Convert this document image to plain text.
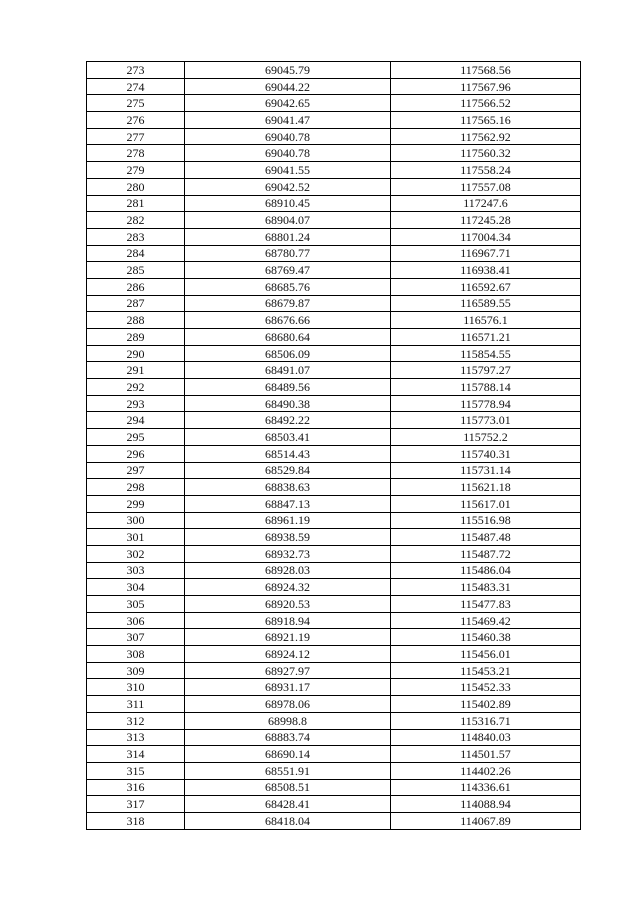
273	69045.79	117568.56
274	69044.22	117567.96
275	69042.65	117566.52
276	69041.47	117565.16
277	69040.78	117562.92
278	69040.78	117560.32
279	69041.55	117558.24
280	69042.52	117557.08
281	68910.45	117247.6
282	68904.07	117245.28
283	68801.24	117004.34
284	68780.77	116967.71
285	68769.47	116938.41
286	68685.76	116592.67
287	68679.87	116589.55
288	68676.66	116576.1
289	68680.64	116571.21
290	68506.09	115854.55
291	68491.07	115797.27
292	68489.56	115788.14
293	68490.38	115778.94
294	68492.22	115773.01
295	68503.41	115752.2
296	68514.43	115740.31
297	68529.84	115731.14
298	68838.63	115621.18
299	68847.13	115617.01
300	68961.19	115516.98
301	68938.59	115487.48
302	68932.73	115487.72
303	68928.03	115486.04
304	68924.32	115483.31
305	68920.53	115477.83
306	68918.94	115469.42
307	68921.19	115460.38
308	68924.12	115456.01
309	68927.97	115453.21
310	68931.17	115452.33
311	68978.06	115402.89
312	68998.8	115316.71
313	68883.74	114840.03
314	68690.14	114501.57
315	68551.91	114402.26
316	68508.51	114336.61
317	68428.41	114088.94
318	68418.04	114067.89
